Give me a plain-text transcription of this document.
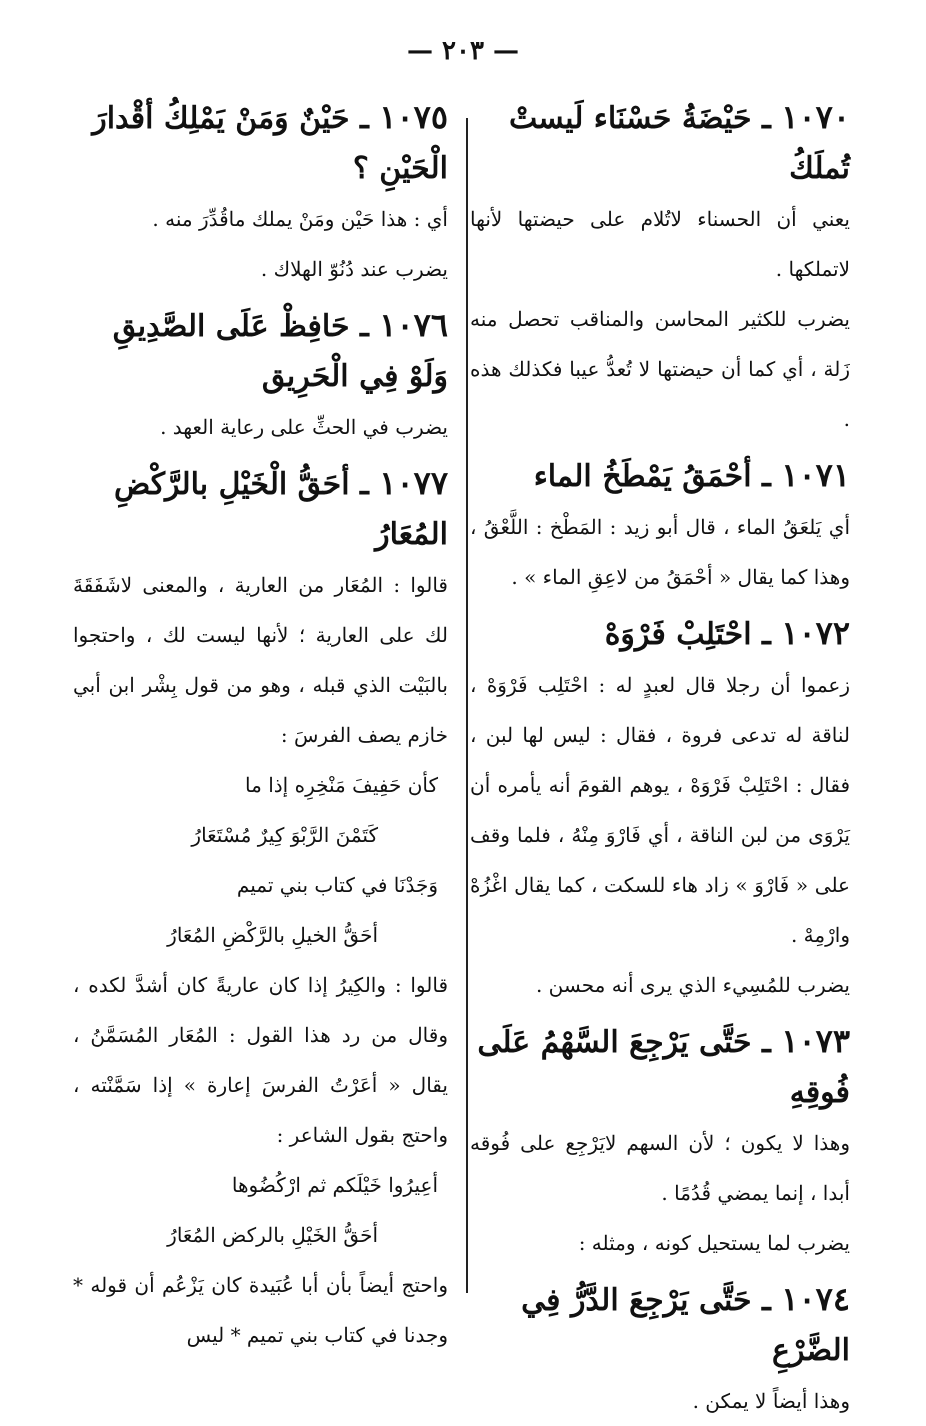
— ٢٠٣ —

١٠٧٠ ـ حَيْضَةُ حَسْنَاء لَيستْ تُملَكُ

يعني أن الحسناء لاتُلام على حيضتها لأنها لاتملكها .

يضرب للكثير المحاسن والمناقب تحصل منه زَلة ، أي كما أن حيضتها لا تُعدُّ عيبا فكذلك هذه .

١٠٧١ ـ أحْمَقُ يَمْطَخُ الماء

أي يَلعَقُ الماء ، قال أبو زيد : المَطْخ : اللَّعْقُ ، وهذا كما يقال « أحْمَقُ من لاعِقِ الماء » .

١٠٧٢ ـ احْتَلِبْ فَرْوَهْ

زعموا أن رجلا قال لعبدٍ له : احْتَلِب فَرْوَهْ ، لناقة له تدعى فروة ، فقال : ليس لها لبن ، فقال : احْتَلِبْ فَرْوَهْ ، يوهم القومَ أنه يأمره أن يَرْوَى من لبن الناقة ، أي فَارْوَ مِنْهُ ، فلما وقف على « فَارْوَ » زاد هاء للسكت ، كما يقال اغْزُهْ وارْمِهْ .

يضرب للمُسِيء الذي يرى أنه محسن .

١٠٧٣ ـ حَتَّى يَرْجِعَ السَّهْمُ عَلَى فُوقِهِ

وهذا لا يكون ؛ لأن السهم لايَرْجِع على فُوقه أبدا ، إنما يمضي قُدُمًا .

يضرب لما يستحيل كونه ، ومثله :

١٠٧٤ ـ حَتَّى يَرْجِعَ الدَّرُّ فِي الضَّرْعِ

وهذا أيضاً لا يمكن .

١٠٧٥ ـ حَيْنٌ وَمَنْ يَمْلِكُ أقْدارَ الْحَيْنِ ؟

أي : هذا حَيْن ومَنْ يملك ماقُدِّرَ منه .

يضرب عند دُنُوّ الهلاك .

١٠٧٦ ـ حَافِظْ عَلَى الصَّدِيقِ وَلَوْ فِي الْحَرِيق

يضرب في الحثِّ على رعاية العهد .

١٠٧٧ ـ أحَقُّ الْخَيْلِ بالرَّكْضِ المُعَارُ

قالوا : المُعَار من العارية ، والمعنى لاشَفَقَةَ لك على العارية ؛ لأنها ليست لك ، واحتجوا بالبَيْت الذي قبله ، وهو من قول بِشْر ابن أبي خازم يصف الفرسَ :

كأن حَفِيفَ مَنْخِرِه إذا ما

كَتَمْنَ الرَّبْوَ كِيرٌ مُسْتَعَارُ

وَجَدْنَا في كتاب بني تميم

أحَقُّ الخيلِ بالرَّكْضِ المُعَارُ

قالوا : والكِيرُ إذا كان عاريةً كان أشدَّ لكده ، وقال من رد هذا القول : المُعَار المُسَمَّنُ ، يقال « أعَرْتُ الفرسَ إعارة » إذا سَمَّنْته ، واحتج بقول الشاعر :

أعِيرُوا خَيْلَكم ثم ارْكُضُوها

أحَقُّ الخَيْلِ بالركض المُعَارُ

واحتج أيضاً بأن أبا عُبَيدة كان يَزْعُم أن قوله * وجدنا في كتاب بني تميم * ليس
